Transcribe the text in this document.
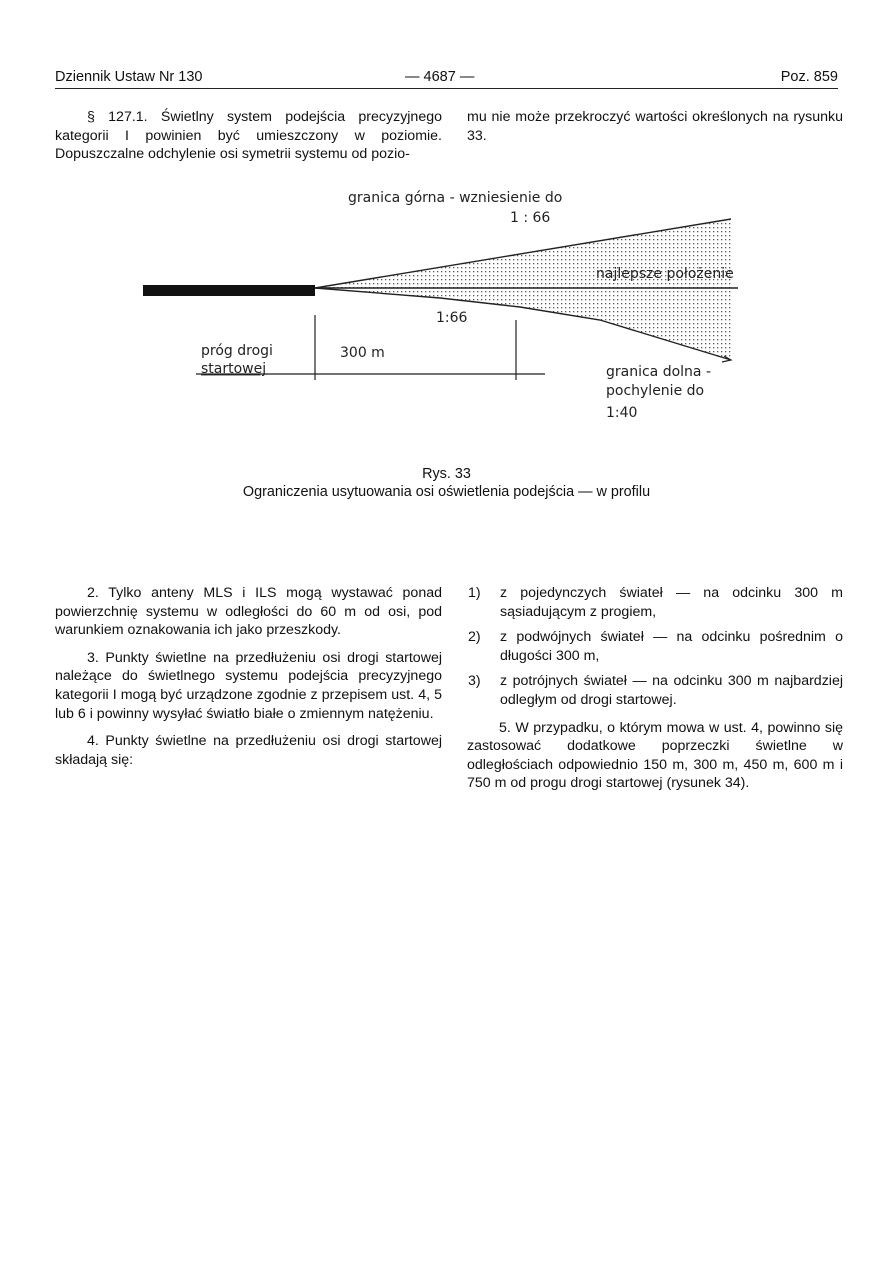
Dziennik Ustaw Nr 130	— 4687 —	Poz. 859

§ 127.1. Świetlny system podejścia precyzyjnego kategorii I powinien być umieszczony w poziomie. Dopuszczalne odchylenie osi symetrii systemu od pozio-

mu nie może przekroczyć wartości określonych na rysunku 33.

granica górna - wzniesienie do
1 : 66
najlepsze położenie
1:66
próg drogi
startowej
300 m
granica dolna -
pochylenie do
1:40
Rys. 33
Ograniczenia usytuowania osi oświetlenia podejścia — w profilu

2. Tylko anteny MLS i ILS mogą wystawać ponad powierzchnię systemu w odległości do 60 m od osi, pod warunkiem oznakowania ich jako przeszkody.

3. Punkty świetlne na przedłużeniu osi drogi startowej należące do świetlnego systemu podejścia precyzyjnego kategorii I mogą być urządzone zgodnie z przepisem ust. 4, 5 lub 6 i powinny wysyłać światło białe o zmiennym natężeniu.

4. Punkty świetlne na przedłużeniu osi drogi startowej składają się:

1) z pojedynczych świateł — na odcinku 300 m sąsiadującym z progiem,

2) z podwójnych świateł — na odcinku pośrednim o długości 300 m,

3) z potrójnych świateł — na odcinku 300 m najbardziej odległym od drogi startowej.

5. W przypadku, o którym mowa w ust. 4, powinno się zastosować dodatkowe poprzeczki świetlne w odległościach odpowiednio 150 m, 300 m, 450 m, 600 m i 750 m od progu drogi startowej (rysunek 34).
